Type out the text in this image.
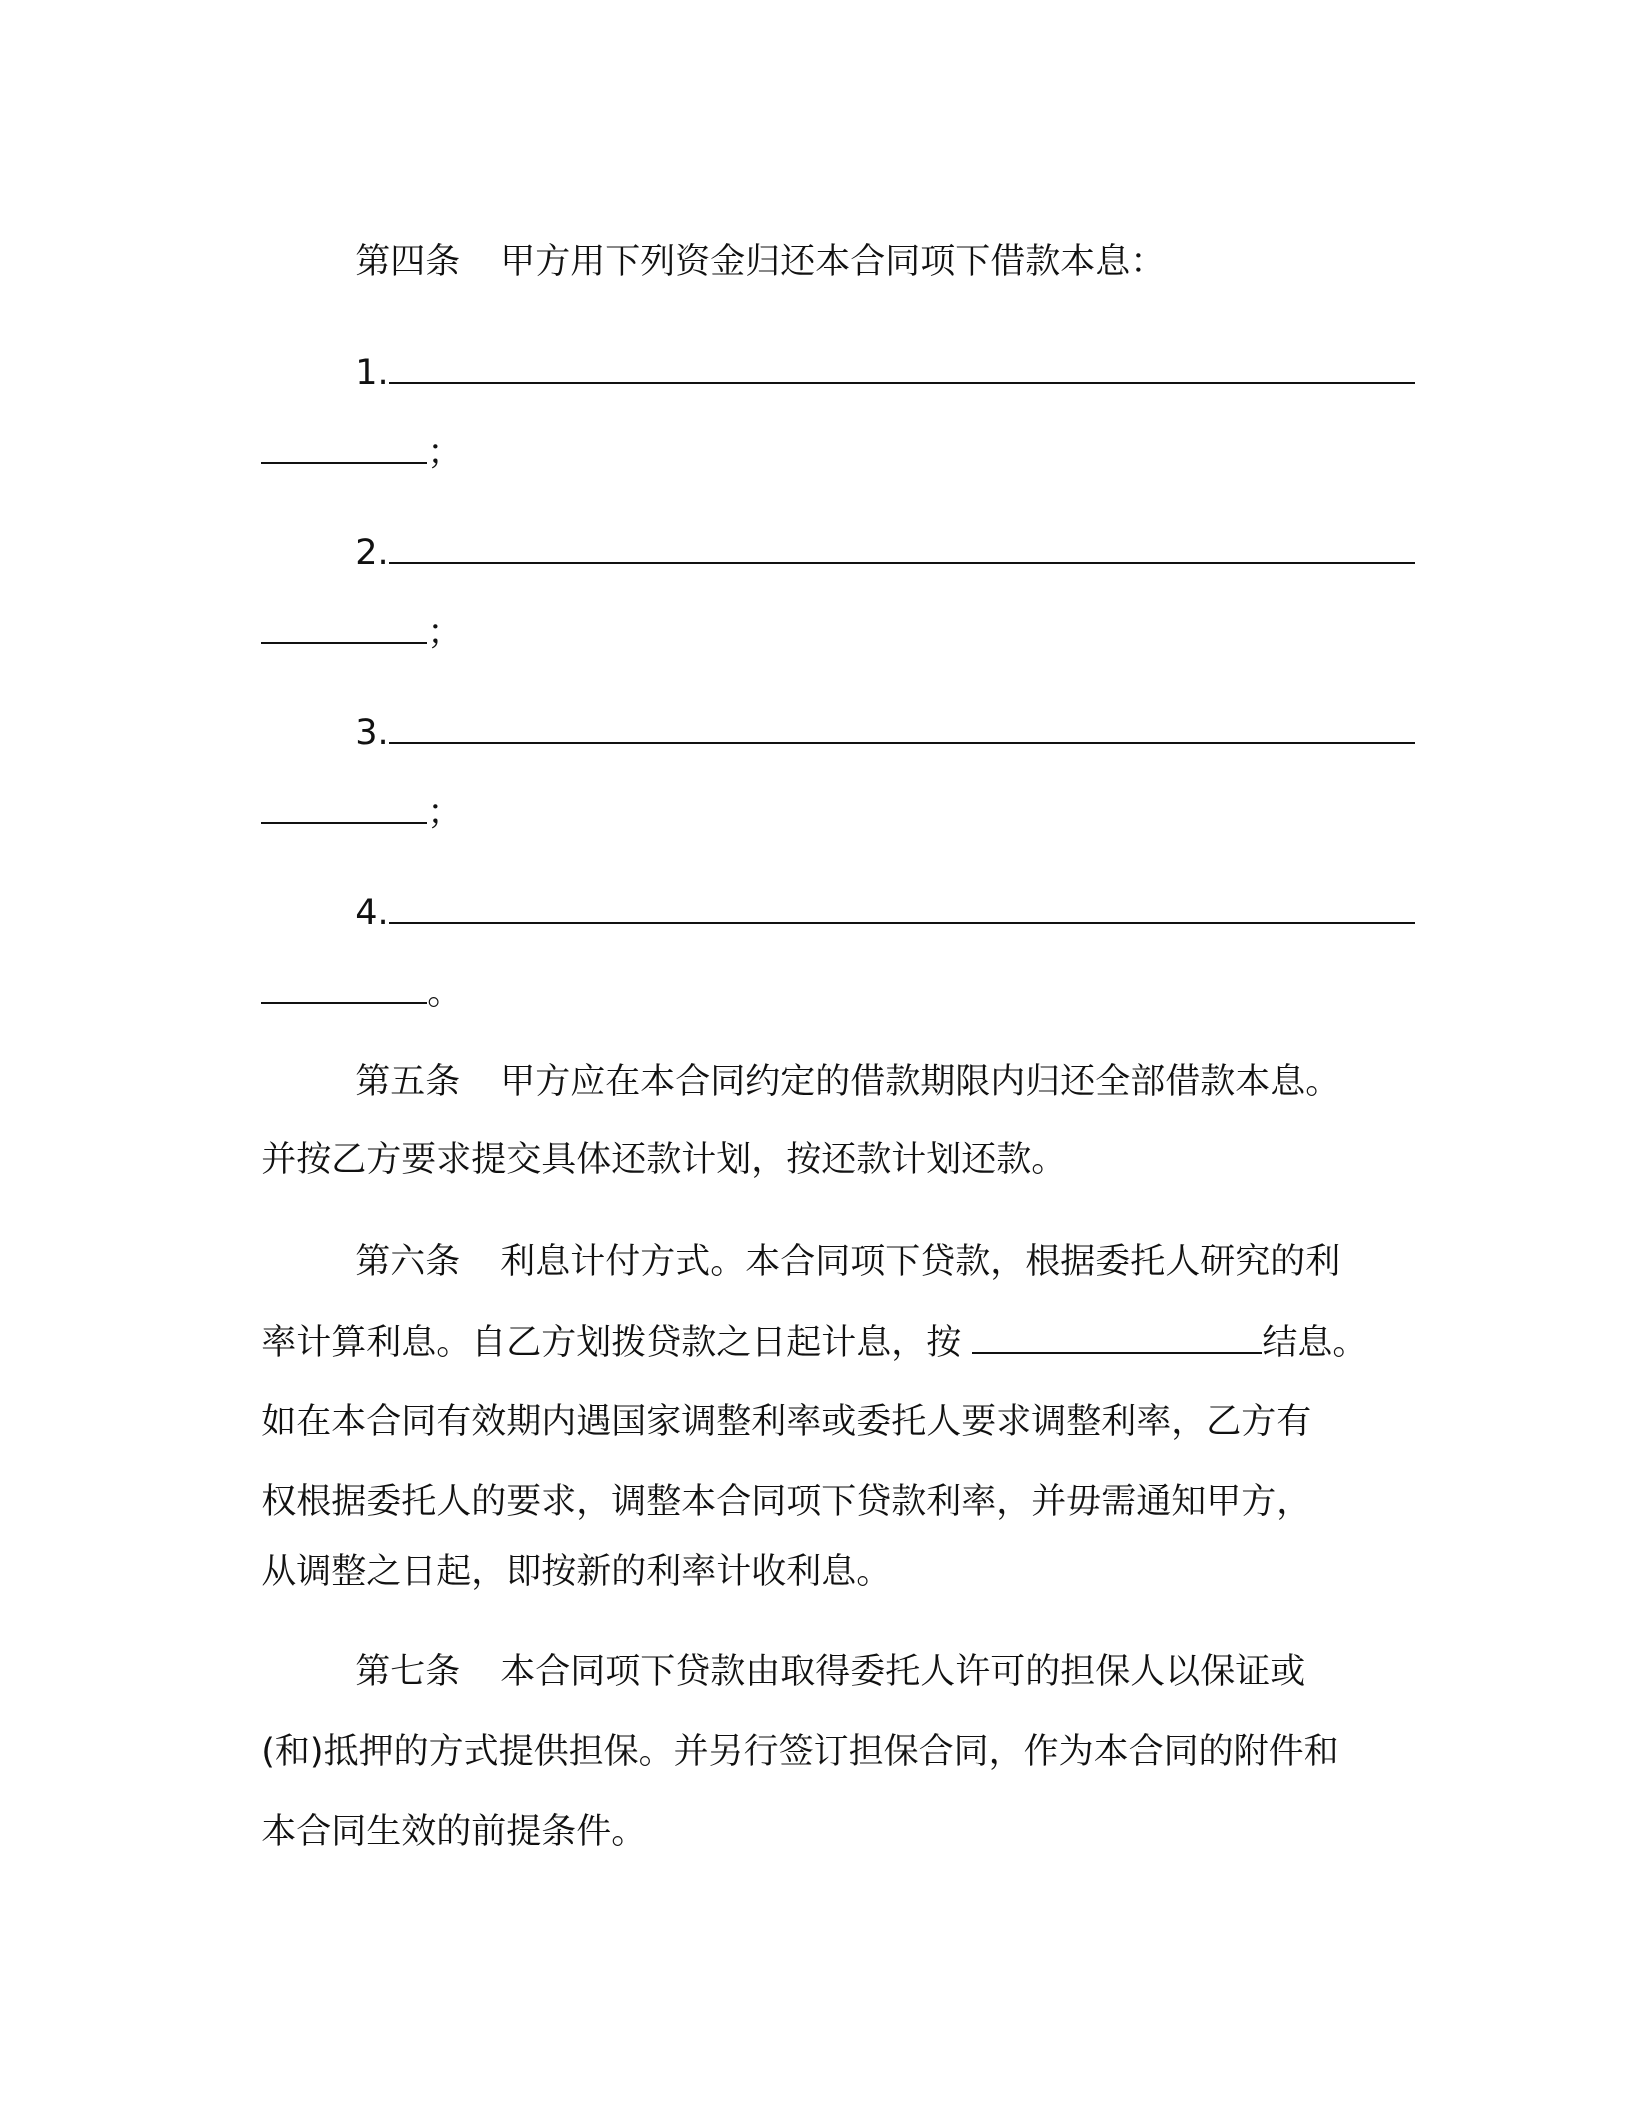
第四条 甲方用下列资金归还本合同项下借款本息：

1.

；

2.

；

3.

；

4.

。

第五条 甲方应在本合同约定的借款期限内归还全部借款本息。

并按乙方要求提交具体还款计划，按还款计划还款。

第六条 利息计付方式。本合同项下贷款，根据委托人研究的利

率计算利息。自乙方划拨贷款之日起计息，按	结息。

如在本合同有效期内遇国家调整利率或委托人要求调整利率，乙方有

权根据委托人的要求，调整本合同项下贷款利率，并毋需通知甲方，

从调整之日起，即按新的利率计收利息。

第七条 本合同项下贷款由取得委托人许可的担保人以保证或

(和)抵押的方式提供担保。并另行签订担保合同，作为本合同的附件和

本合同生效的前提条件。
